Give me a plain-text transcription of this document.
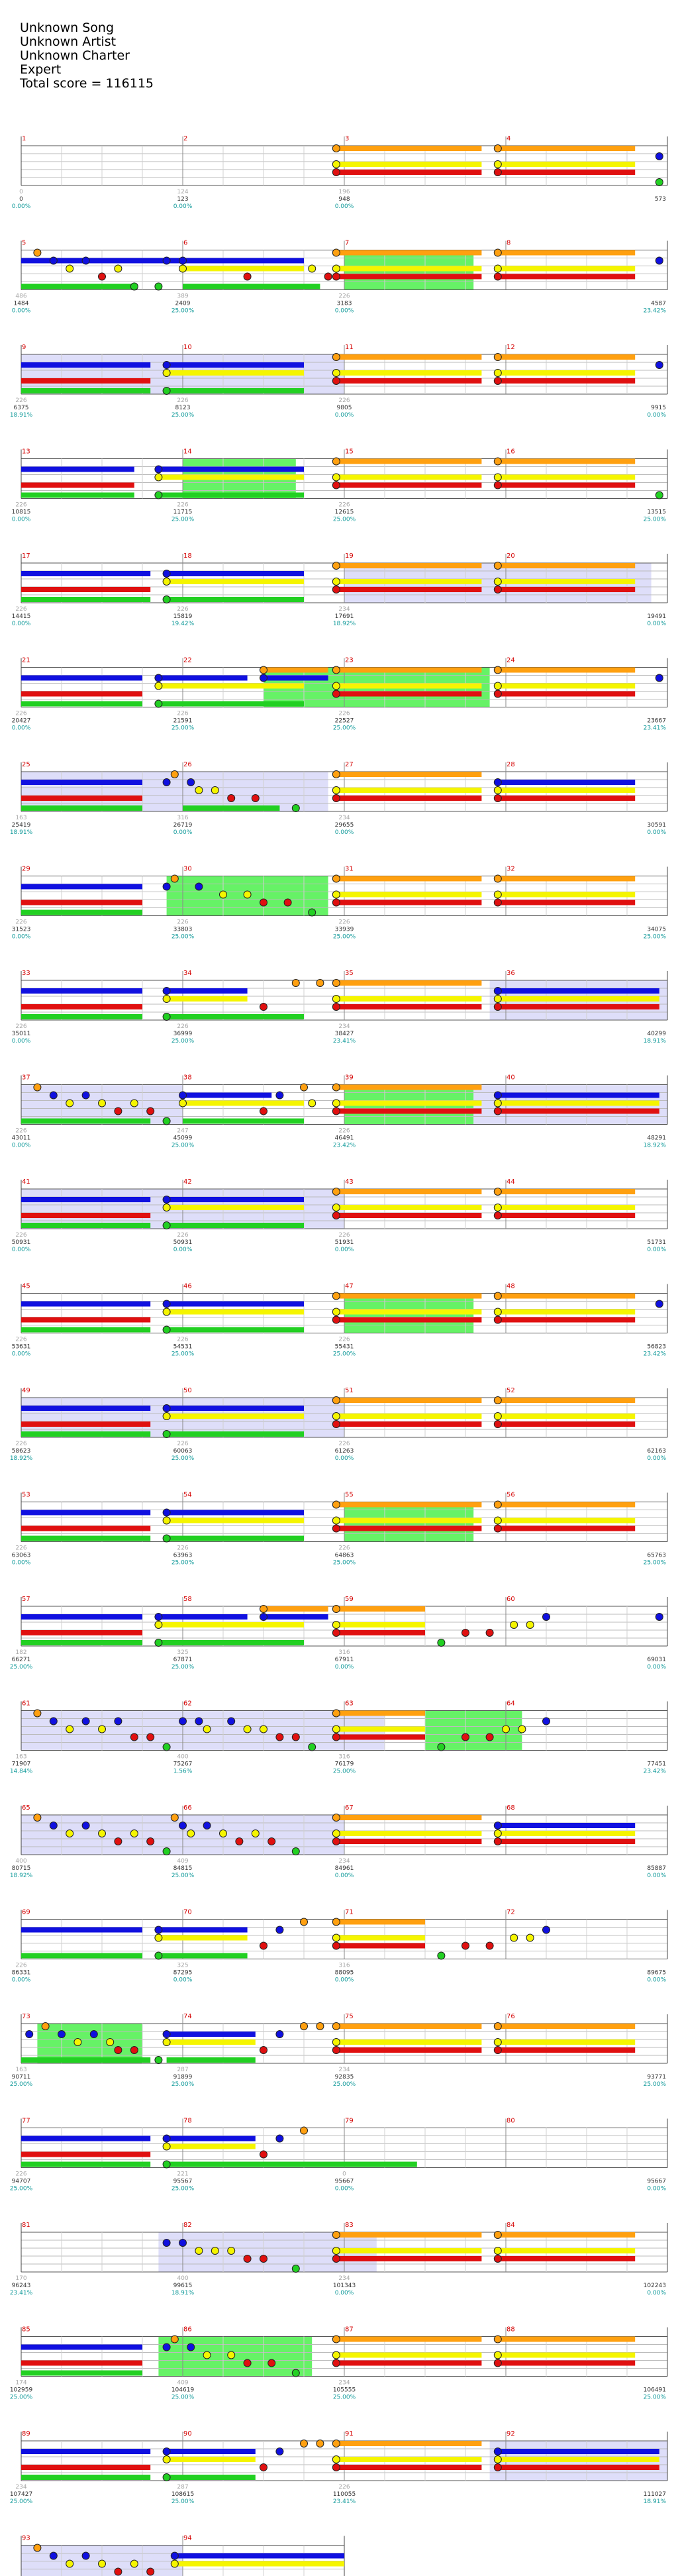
Unknown Song
Unknown Artist
Unknown Charter
Expert
Total score = 116115
1	2	3	4
0
0
0.00%
124
123
0.00%
196
948
0.00%
573
5	6	7	8
486
1484
0.00%
389
2409
25.00%
226
3183
0.00%
4587
23.42%
9	10	11	12
226
6375
18.91%
226
8123
25.00%
226
9805
0.00%
9915
0.00%
13	14	15	16
226
10815
0.00%
226
11715
25.00%
226
12615
25.00%
13515
25.00%
17	18	19	20
226
14415
0.00%
226
15819
19.42%
234
17691
18.92%
19491
0.00%
21	22	23	24
226
20427
0.00%
226
21591
25.00%
226
22527
25.00%
23667
23.41%
25	26	27	28
163
25419
18.91%
316
26719
0.00%
234
29655
0.00%
30591
0.00%
29	30	31	32
226
31523
0.00%
226
33803
25.00%
226
33939
25.00%
34075
25.00%
33	34	35	36
226
35011
0.00%
226
36999
25.00%
234
38427
23.41%
40299
18.91%
37	38	39	40
226
43011
0.00%
247
45099
25.00%
226
46491
23.42%
48291
18.92%
41	42	43	44
226
50931
0.00%
226
50931
0.00%
226
51931
0.00%
51731
0.00%
45	46	47	48
226
53631
0.00%
226
54531
25.00%
226
55431
25.00%
56823
23.42%
49	50	51	52
226
58623
18.92%
226
60063
25.00%
226
61263
0.00%
62163
0.00%
53	54	55	56
226
63063
0.00%
226
63963
25.00%
226
64863
25.00%
65763
25.00%
57	58	59	60
182
66271
25.00%
325
67871
25.00%
316
67911
0.00%
69031
0.00%
61	62	63	64
163
71907
14.84%
400
75267
1.56%
316
76179
25.00%
77451
23.42%
65	66	67	68
400
80715
18.92%
409
84815
25.00%
234
84961
0.00%
85887
0.00%
69	70	71	72
226
86331
0.00%
325
87295
0.00%
316
88095
0.00%
89675
0.00%
73	74	75	76
163
90711
25.00%
287
91899
25.00%
234
92835
25.00%
93771
25.00%
77	78	79	80
226
94707
25.00%
221
95567
25.00%
0
95667
0.00%
95667
0.00%
81	82	83	84
170
96243
23.41%
400
99615
18.91%
234
101343
0.00%
102243
0.00%
85	86	87	88
174
102959
25.00%
409
104619
25.00%
234
105555
25.00%
106491
25.00%
89	90	91	92
234
107427
25.00%
287
108615
25.00%
226
110055
23.41%
111027
18.91%
93	94
